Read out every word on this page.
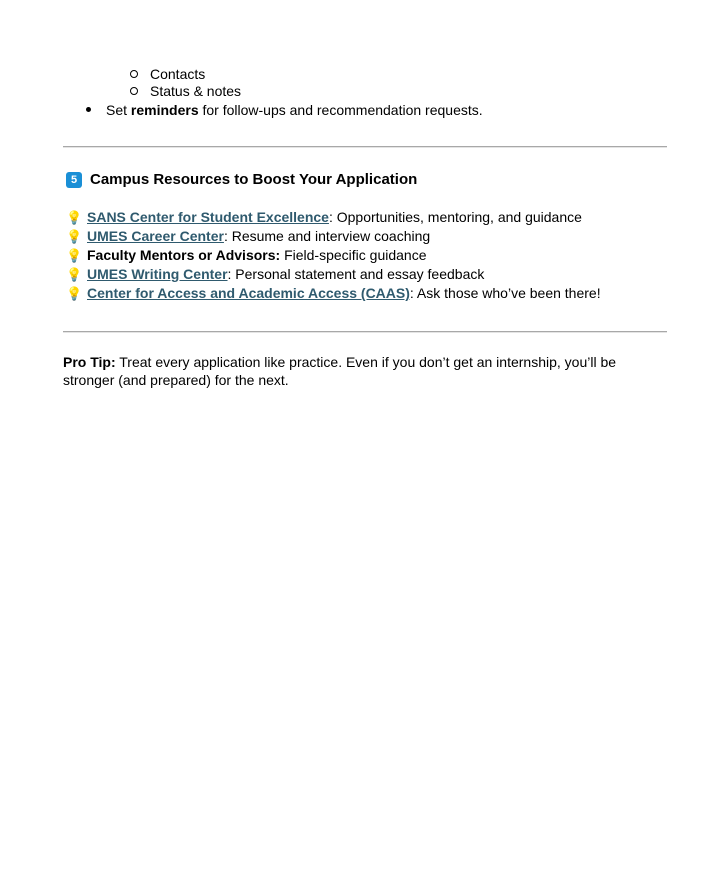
Contacts
Status & notes
Set reminders for follow-ups and recommendation requests.
5 Campus Resources to Boost Your Application
💡 SANS Center for Student Excellence: Opportunities, mentoring, and guidance
💡 UMES Career Center: Resume and interview coaching
💡 Faculty Mentors or Advisors: Field-specific guidance
💡 UMES Writing Center: Personal statement and essay feedback
💡 Center for Access and Academic Access (CAAS): Ask those who’ve been there!
Pro Tip: Treat every application like practice. Even if you don’t get an internship, you’ll be stronger (and prepared) for the next.
